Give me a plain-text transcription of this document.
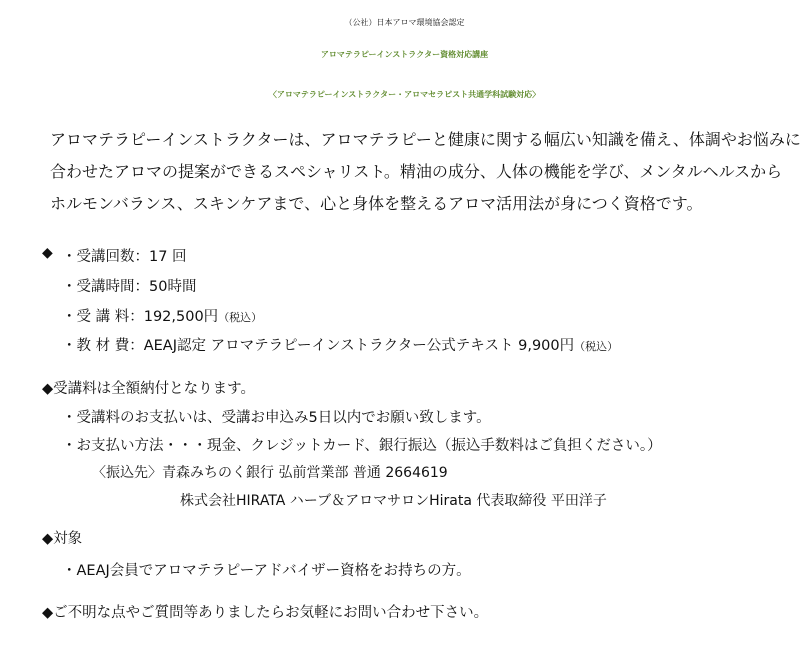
（公社）日本アロマ環境協会認定
アロマテラピーインストラクター資格対応講座
〈アロマテラピーインストラクター・アロマセラピスト共通学科試験対応〉
アロマテラピーインストラクターは、アロマテラピーと健康に関する幅広い知識を備え、体調やお悩みに
合わせたアロマの提案ができるスペシャリスト。精油の成分、人体の機能を学び、メンタルヘルスから
ホルモンバランス、スキンケアまで、心と身体を整えるアロマ活用法が身につく資格です。
◆ ・受講回数：17 回
・受講時間：50時間
・受 講 料：192,500円（税込）
・教 材 費：AEAJ認定 アロマテラピーインストラクター公式テキスト 9,900円（税込）
◆受講料は全額納付となります。
・受講料のお支払いは、受講お申込み5日以内でお願い致します。
・お支払い方法・・・現金、クレジットカード、銀行振込（振込手数料はご負担ください。）
〈振込先〉青森みちのく銀行 弘前営業部 普通 2664619
株式会社HIRATA ハーブ＆アロマサロンHirata 代表取締役 平田洋子
◆対象
・AEAJ会員でアロマテラピーアドバイザー資格をお持ちの方。
◆ご不明な点やご質問等ありましたらお気軽にお問い合わせ下さい。
